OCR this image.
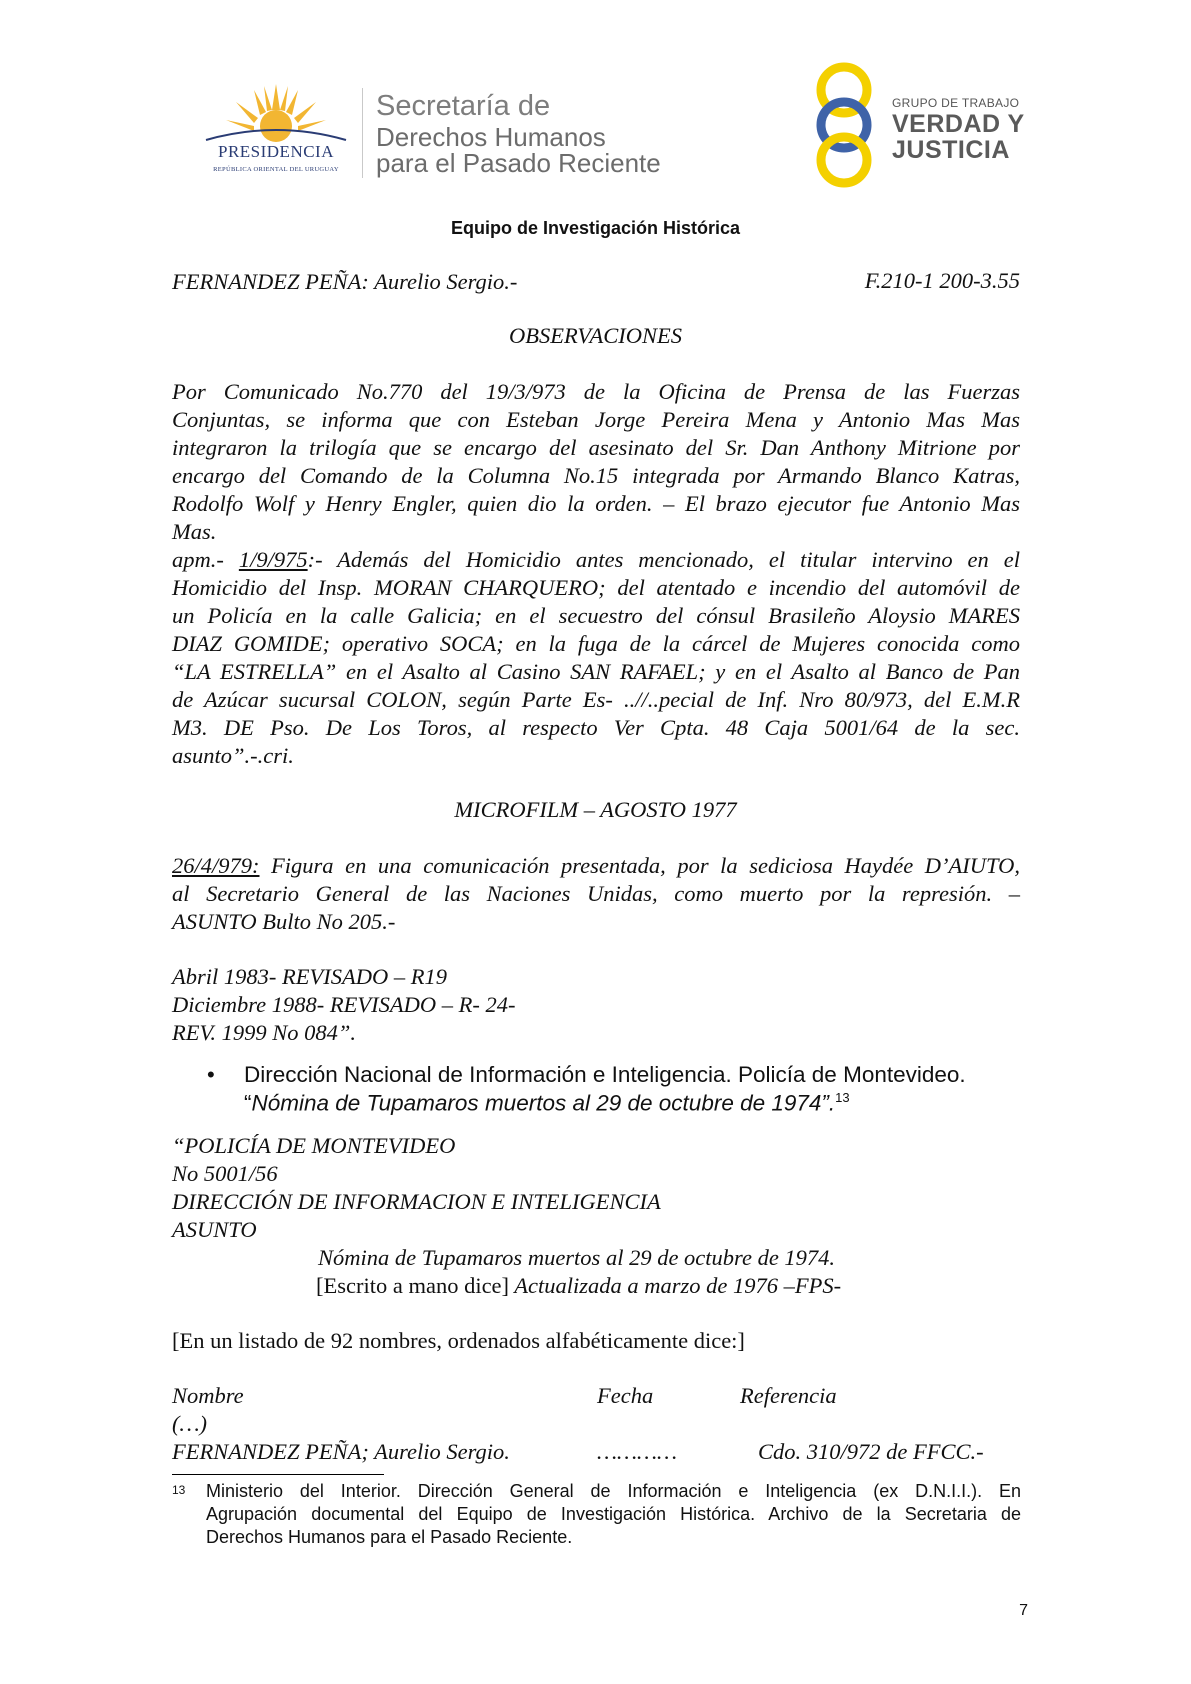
PRESIDENCIA
REPÚBLICA ORIENTAL DEL URUGUAY
Secretaría de
Derechos Humanos
para el Pasado Reciente
GRUPO DE TRABAJO
VERDAD Y
JUSTICIA
Equipo de Investigación Histórica
FERNANDEZ PEÑA: Aurelio Sergio.-	F.210-1 200-3.55
OBSERVACIONES
Por Comunicado No.770 del 19/3/973 de la Oficina de Prensa de las Fuerzas
Conjuntas, se informa que con Esteban Jorge Pereira Mena y Antonio Mas Mas
integraron la trilogía que se encargo del asesinato del Sr. Dan Anthony Mitrione por
encargo del Comando de la Columna No.15 integrada por Armando Blanco Katras,
Rodolfo Wolf y Henry Engler, quien dio la orden. – El brazo ejecutor fue Antonio Mas
Mas.
apm.- 1/9/975:- Además del Homicidio antes mencionado, el titular intervino en el
Homicidio del Insp. MORAN CHARQUERO; del atentado e incendio del automóvil de
un Policía en la calle Galicia; en el secuestro del cónsul Brasileño Aloysio MARES
DIAZ GOMIDE; operativo SOCA; en la fuga de la cárcel de Mujeres conocida como
“LA ESTRELLA” en el Asalto al Casino SAN RAFAEL; y en el Asalto al Banco de Pan
de Azúcar sucursal COLON, según Parte Es- ..//..pecial de Inf. Nro 80/973, del E.M.R
M3. DE Pso. De Los Toros, al respecto Ver Cpta. 48 Caja 5001/64 de la sec.
asunto”.-.cri.
MICROFILM – AGOSTO 1977
26/4/979: Figura en una comunicación presentada, por la sediciosa Haydée D’AIUTO,
al Secretario General de las Naciones Unidas, como muerto por la represión. –
ASUNTO Bulto No 205.-
Abril 1983- REVISADO – R19
Diciembre 1988- REVISADO – R- 24-
REV. 1999 No 084”.
• Dirección Nacional de Información e Inteligencia. Policía de Montevideo.
“Nómina de Tupamaros muertos al 29 de octubre de 1974”.$^{13}$
“POLICÍA DE MONTEVIDEO
No 5001/56
DIRECCIÓN DE INFORMACION E INTELIGENCIA
ASUNTO
Nómina de Tupamaros muertos al 29 de octubre de 1974.
[Escrito a mano dice] Actualizada a marzo de 1976 –FPS-
[En un listado de 92 nombres, ordenados alfabéticamente dice:]
Nombre	Fecha	Referencia
(…)
FERNANDEZ PEÑA; Aurelio Sergio.	…………	Cdo. 310/972 de FFCC.-
13 Ministerio del Interior. Dirección General de Información e Inteligencia (ex D.N.I.I.). En
Agrupación documental del Equipo de Investigación Histórica. Archivo de la Secretaria de
Derechos Humanos para el Pasado Reciente.
7
